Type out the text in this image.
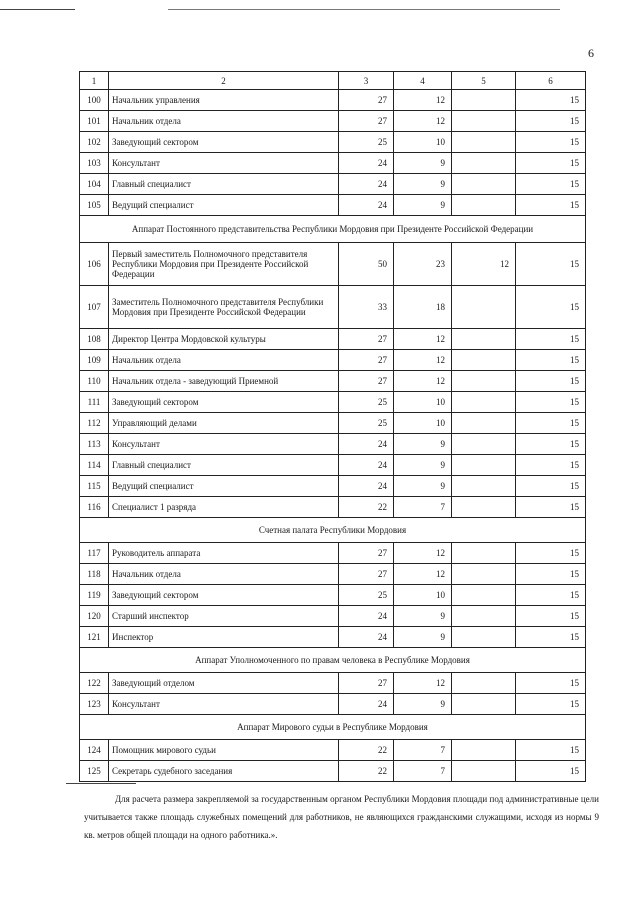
6
1	2	3	4	5	6
100	Начальник управления	27	12		15
101	Начальник отдела	27	12		15
102	Заведующий сектором	25	10		15
103	Консультант	24	9		15
104	Главный специалист	24	9		15
105	Ведущий специалист	24	9		15
Аппарат Постоянного представительства Республики Мордовия при Президенте Российской Федерации					
106	Первый заместитель Полномочного представителя Республики Мордовия при Президенте Российской Федерации	50	23	12	15
107	Заместитель Полномочного представителя Республики Мордовия при Президенте Российской Федерации	33	18		15
108	Директор Центра Мордовской культуры	27	12		15
109	Начальник отдела	27	12		15
110	Начальник отдела - заведующий Приемной	27	12		15
111	Заведующий сектором	25	10		15
112	Управляющий делами	25	10		15
113	Консультант	24	9		15
114	Главный специалист	24	9		15
115	Ведущий специалист	24	9		15
116	Специалист 1 разряда	22	7		15
Счетная палата Республики Мордовия					
117	Руководитель аппарата	27	12		15
118	Начальник отдела	27	12		15
119	Заведующий сектором	25	10		15
120	Старший инспектор	24	9		15
121	Инспектор	24	9		15
Аппарат Уполномоченного по правам человека в Республике Мордовия					
122	Заведующий отделом	27	12		15
123	Консультант	24	9		15
Аппарат Мирового судьи в Республике Мордовия					
124	Помощник мирового судьи	22	7		15
125	Секретарь судебного заседания	22	7		15
Для расчета размера закрепляемой за государственным органом Республики Мордовия площади под административные цели учитывается также площадь служебных помещений для работников, не являющихся гражданскими служащими, исходя из нормы 9 кв. метров общей площади на одного работника.».
